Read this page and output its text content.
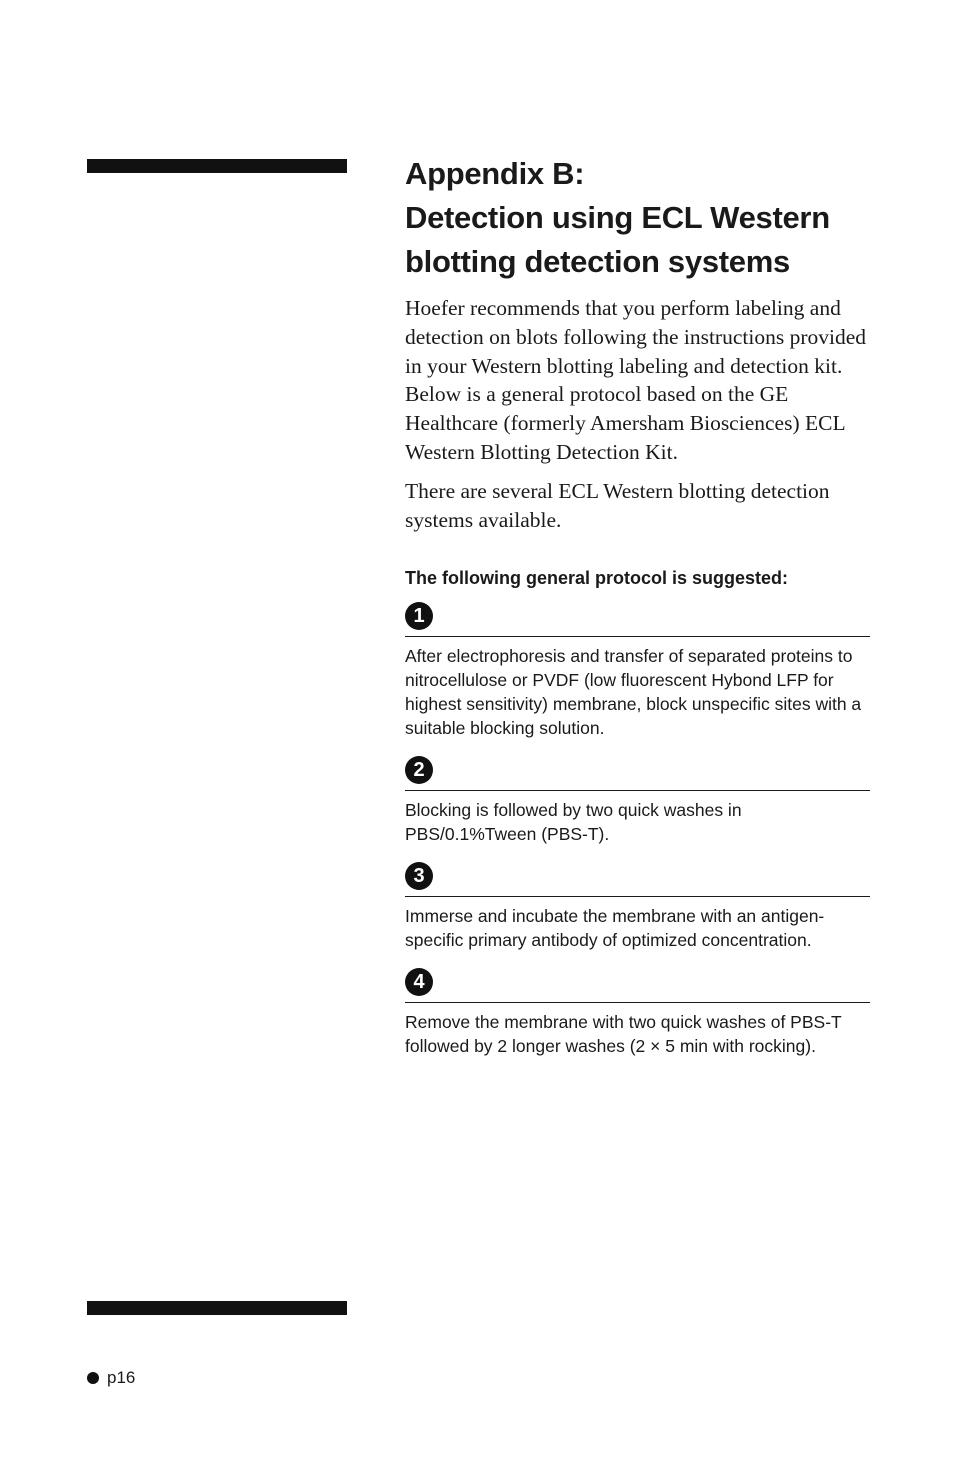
Appendix B:
Detection using ECL Western
blotting detection systems

Hoefer recommends that you perform labeling and detection on blots following the instructions provided in your Western blotting labeling and detection kit. Below is a general protocol based on the GE Healthcare (formerly Amersham Biosciences) ECL Western Blotting Detection Kit.

There are several ECL Western blotting detection systems available.

The following general protocol is suggested:
1

After electrophoresis and transfer of separated proteins to nitrocellulose or PVDF (low fluorescent Hybond LFP for highest sensitivity) membrane, block unspecific sites with a suitable blocking solution.

2

Blocking is followed by two quick washes in PBS/0.1%Tween (PBS-T).

3

Immerse and incubate the membrane with an antigen-specific primary antibody of optimized concentration.

4

Remove the membrane with two quick washes of PBS-T followed by 2 longer washes (2 × 5 min with rocking).

p16
